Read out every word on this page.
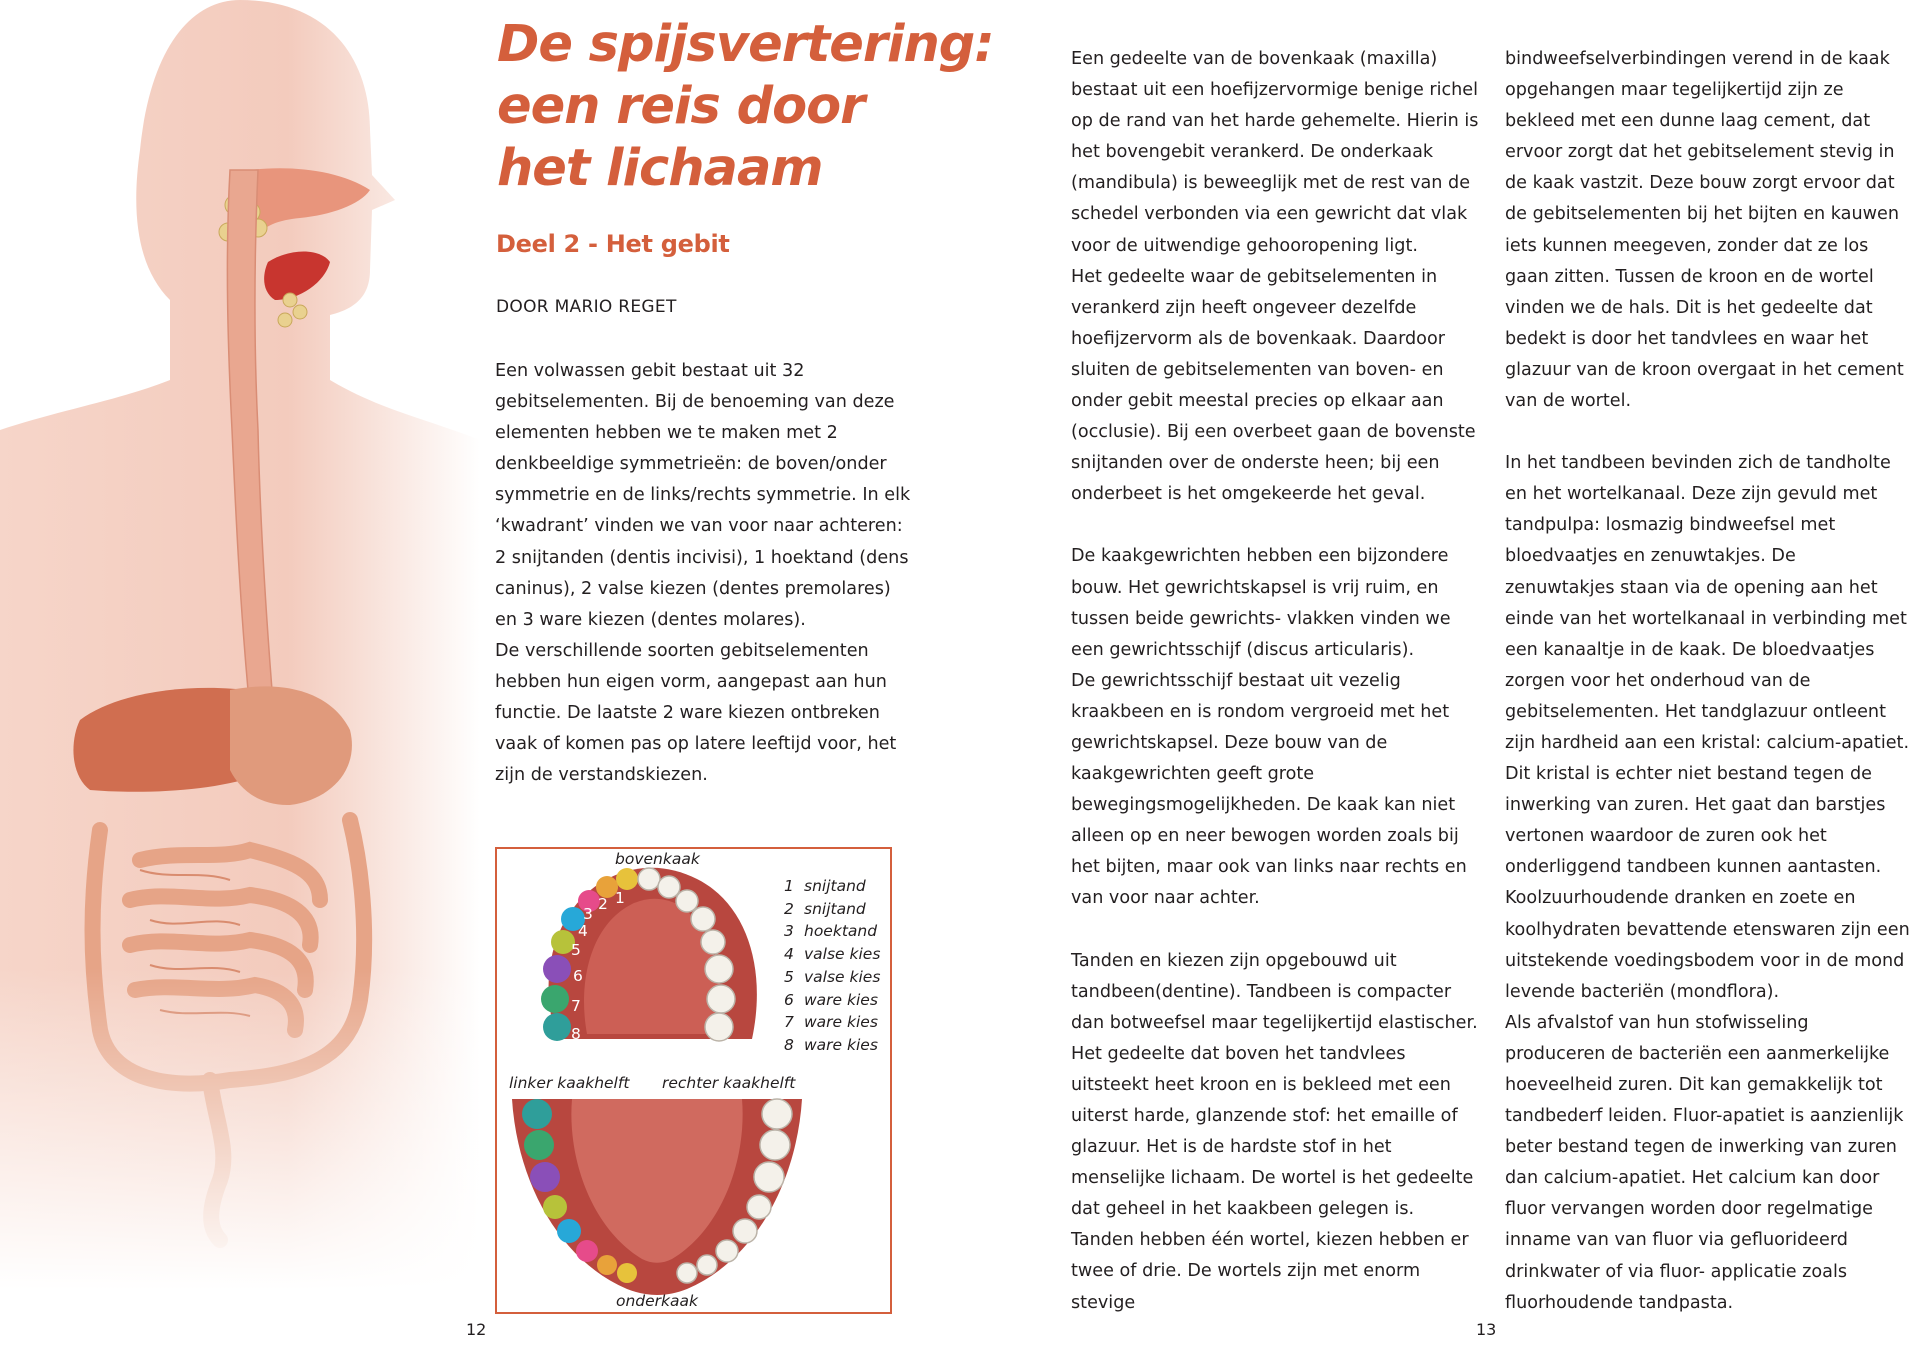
De spijsvertering:
een reis door
het lichaam
Deel 2 - Het gebit

DOOR MARIO REGET

Een volwassen gebit bestaat uit 32 gebitselementen. Bij de benoeming van deze elementen hebben we te maken met 2 denkbeeldige symmetrieën: de boven/onder symmetrie en de links/rechts symmetrie. In elk ‘kwadrant’ vinden we van voor naar achteren: 2 snijtanden (dentis incivisi), 1 hoektand (dens caninus), 2 valse kiezen (dentes premolares) en 3 ware kiezen (dentes molares).

De verschillende soorten gebitselementen hebben hun eigen vorm, aangepast aan hun functie. De laatste 2 ware kiezen ontbreken vaak of komen pas op latere leeftijd voor, het zijn de verstandskiezen.

1
2
3
4
5
6
7
8
bovenkaak
linker kaakhelft rechter kaakhelft
onderkaak
1 snijtand
2 snijtand
3 hoektand
4 valse kies
5 valse kies
6 ware kies
7 ware kies
8 ware kies

Een gedeelte van de bovenkaak (maxilla) bestaat uit een hoefijzervormige benige richel op de rand van het harde gehemelte. Hierin is het bovengebit verankerd. De onderkaak (mandibula) is beweeglijk met de rest van de schedel verbonden via een gewricht dat vlak voor de uitwendige gehooropening ligt.

Het gedeelte waar de gebitselementen in verankerd zijn heeft ongeveer dezelfde hoefijzervorm als de bovenkaak. Daardoor sluiten de gebitselementen van boven- en onder gebit meestal precies op elkaar aan (occlusie). Bij een overbeet gaan de bovenste snijtanden over de onderste heen; bij een onderbeet is het omgekeerde het geval.

De kaakgewrichten hebben een bijzondere bouw. Het gewrichtskapsel is vrij ruim, en tussen beide gewrichts- vlakken vinden we een gewrichtsschijf (discus articularis).

De gewrichtsschijf bestaat uit vezelig kraakbeen en is rondom vergroeid met het gewrichtskapsel. Deze bouw van de kaakgewrichten geeft grote bewegingsmogelijkheden. De kaak kan niet alleen op en neer bewogen worden zoals bij het bijten, maar ook van links naar rechts en van voor naar achter.

Tanden en kiezen zijn opgebouwd uit tandbeen(dentine). Tandbeen is compacter dan botweefsel maar tegelijkertijd elastischer. Het gedeelte dat boven het tandvlees uitsteekt heet kroon en is bekleed met een uiterst harde, glanzende stof: het emaille of glazuur. Het is de hardste stof in het menselijke lichaam. De wortel is het gedeelte dat geheel in het kaakbeen gelegen is. Tanden hebben één wortel, kiezen hebben er twee of drie. De wortels zijn met enorm stevige

bindweefselverbindingen verend in de kaak opgehangen maar tegelijkertijd zijn ze bekleed met een dunne laag cement, dat ervoor zorgt dat het gebitselement stevig in de kaak vastzit. Deze bouw zorgt ervoor dat de gebitselementen bij het bijten en kauwen iets kunnen meegeven, zonder dat ze los gaan zitten. Tussen de kroon en de wortel vinden we de hals. Dit is het gedeelte dat bedekt is door het tandvlees en waar het glazuur van de kroon overgaat in het cement van de wortel.

In het tandbeen bevinden zich de tandholte en het wortelkanaal. Deze zijn gevuld met tandpulpa: losmazig bindweefsel met bloedvaatjes en zenuwtakjes. De zenuwtakjes staan via de opening aan het einde van het wortelkanaal in verbinding met een kanaaltje in de kaak. De bloedvaatjes zorgen voor het onderhoud van de gebitselementen. Het tandglazuur ontleent zijn hardheid aan een kristal: calcium-apatiet. Dit kristal is echter niet bestand tegen de inwerking van zuren. Het gaat dan barstjes vertonen waardoor de zuren ook het onderliggend tandbeen kunnen aantasten. Koolzuurhoudende dranken en zoete en koolhydraten bevattende etenswaren zijn een uitstekende voedingsbodem voor in de mond levende bacteriën (mondflora).

Als afvalstof van hun stofwisseling produceren de bacteriën een aanmerkelijke hoeveelheid zuren. Dit kan gemakkelijk tot tandbederf leiden. Fluor-apatiet is aanzienlijk beter bestand tegen de inwerking van zuren dan calcium-apatiet. Het calcium kan door fluor vervangen worden door regelmatige inname van van fluor via gefluorideerd drinkwater of via fluor- applicatie zoals fluorhoudende tandpasta.

12	13
